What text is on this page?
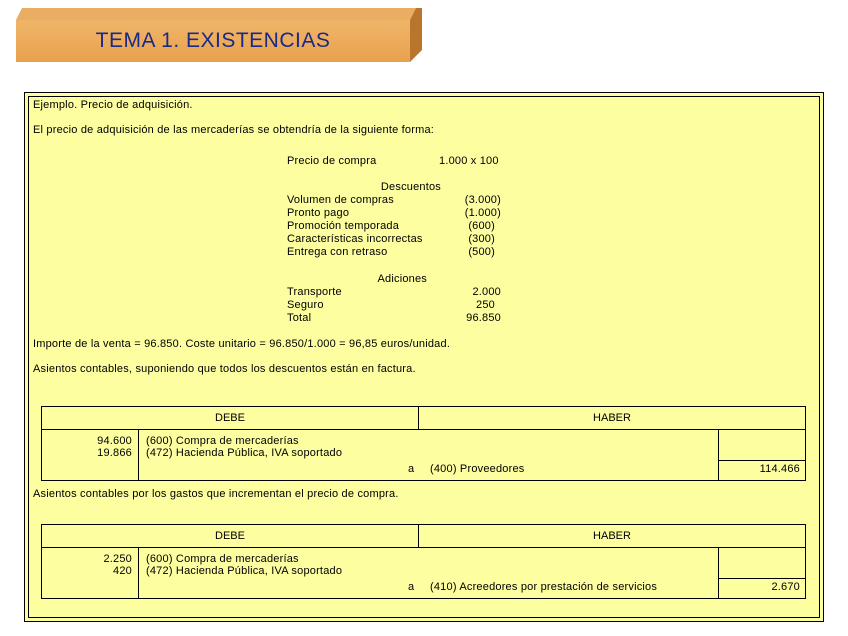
TEMA 1. EXISTENCIAS
Ejemplo. Precio de adquisición.
El precio de adquisición de las mercaderías se obtendría de la siguiente forma:
Precio de compra	1.000 x 100
Descuentos
Volumen de compras	(3.000)
Pronto pago	(1.000)
Promoción temporada	(600)
Características incorrectas	(300)
Entrega con retraso	(500)
Adiciones
Transporte	2.000
Seguro	250
Total	96.850
Importe de la venta = 96.850. Coste unitario = 96.850/1.000 = 96,85 euros/unidad.
Asientos contables, suponiendo que todos los descuentos están en factura.
DEBE	HABER
94.600 (600) Compra de mercaderías
19.866 (472) Hacienda Pública, IVA soportado
a (400) Proveedores	114.466
Asientos contables por los gastos que incrementan el precio de compra.
DEBE	HABER
2.250 (600) Compra de mercaderías
420 (472) Hacienda Pública, IVA soportado
a (410) Acreedores por prestación de servicios	2.670
